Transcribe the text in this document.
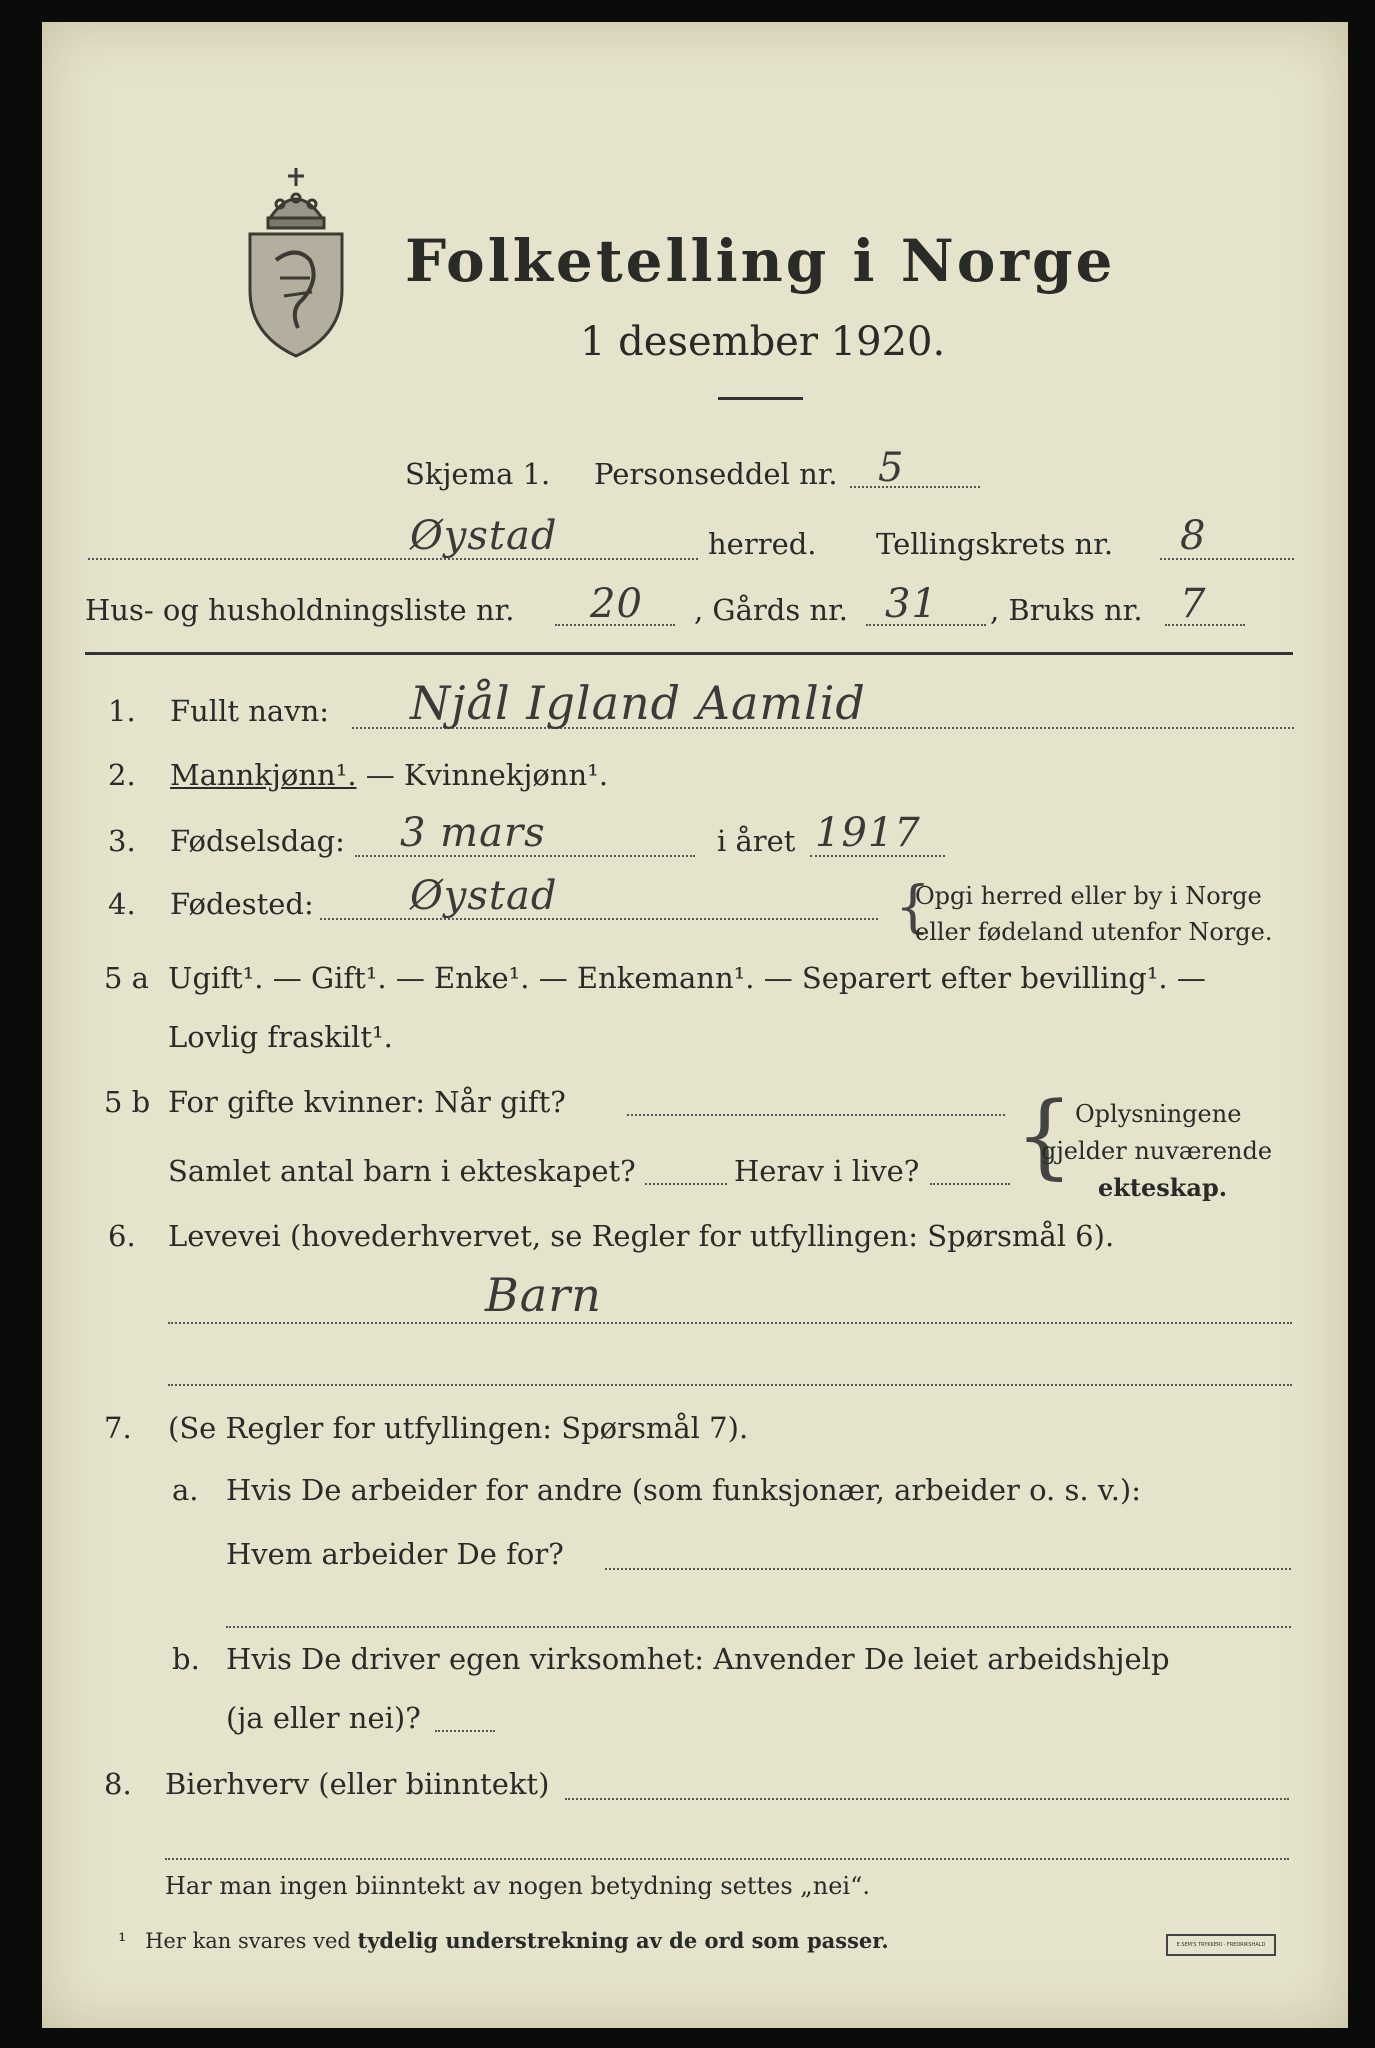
Folketelling i Norge
1 desember 1920.
Skjema 1. Personseddel nr. 5
Øystad	herred. Tellingskrets nr. 8
Hus- og husholdningsliste nr. 20 , Gårds nr. 31 , Bruks nr. 7
1. Fullt navn: Njål Igland Aamlid
2. Mannkjønn¹. — Kvinnekjønn¹.
3. Fødselsdag: 3 mars	i året 1917
4. Fødested: Øystad	{
Opgi herred eller by i Norge
eller fødeland utenfor Norge.
5 a Ugift¹. — Gift¹. — Enke¹. — Enkemann¹. — Separert efter bevilling¹. —
Lovlig fraskilt¹.
5 b For gifte kvinner: Når gift?
Samlet antal barn i ekteskapet?	Herav i live? { Oplysningene
gjelder nuværende
ekteskap.
6. Levevei (hovederhvervet, se Regler for utfyllingen: Spørsmål 6).
Barn
7. (Se Regler for utfyllingen: Spørsmål 7).
a. Hvis De arbeider for andre (som funksjonær, arbeider o. s. v.):
Hvem arbeider De for?
b. Hvis De driver egen virksomhet: Anvender De leiet arbeidshjelp
(ja eller nei)?
8. Bierhverv (eller biinntekt)
Har man ingen biinntekt av nogen betydning settes „nei“.
¹ Her kan svares ved tydelig understrekning av de ord som passer.	E.SEM'S TRYKKERI · FREDRIKSHALD
